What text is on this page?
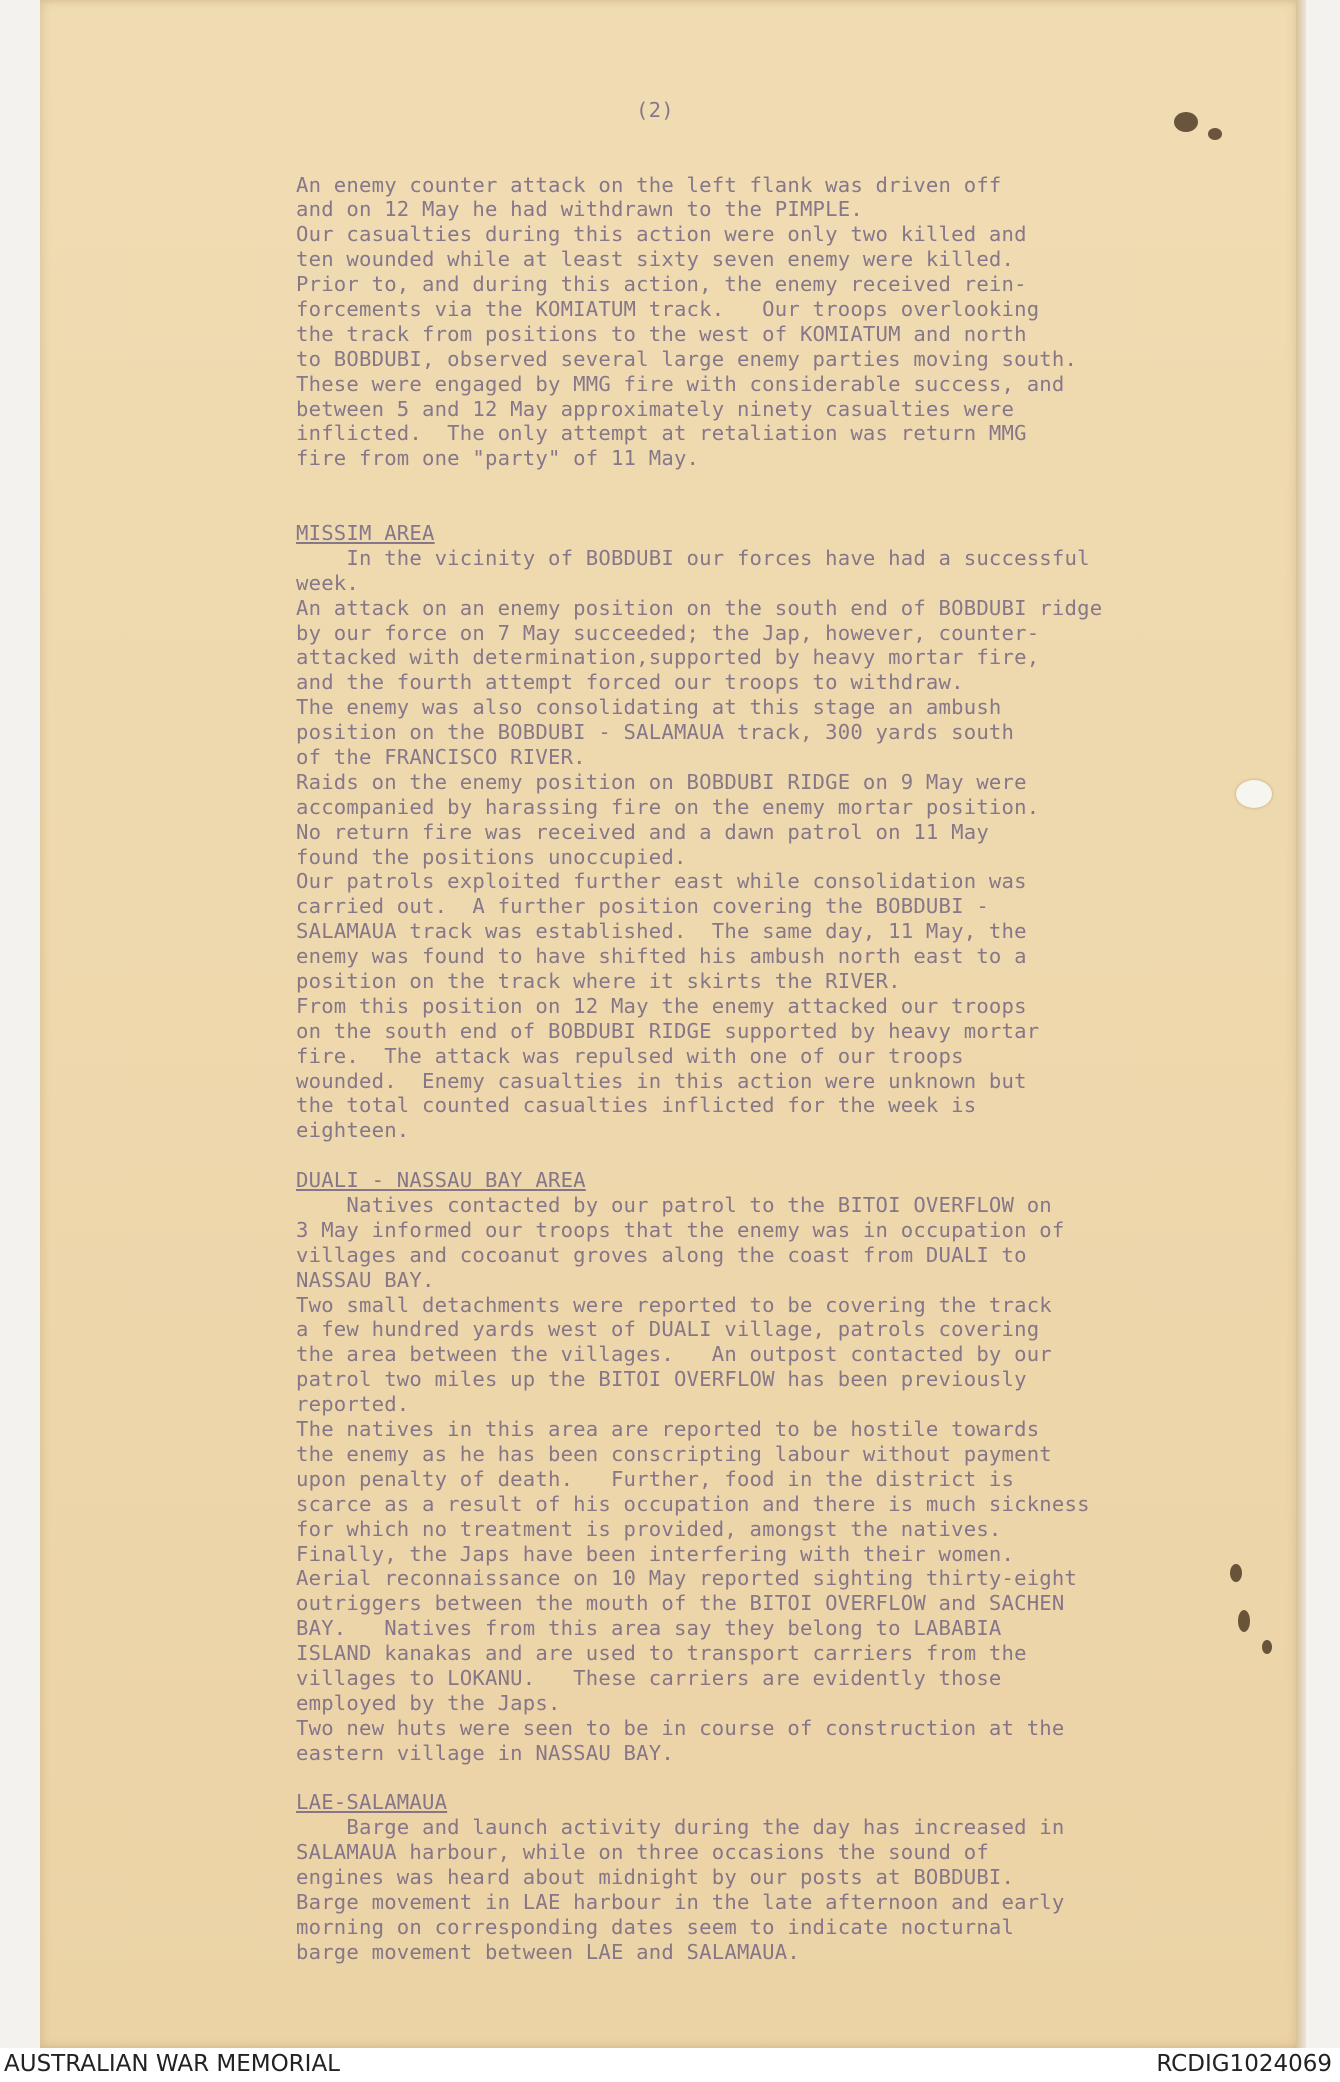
(2)

An enemy counter attack on the left flank was driven off
and on 12 May he had withdrawn to the PIMPLE.
Our casualties during this action were only two killed and
ten wounded while at least sixty seven enemy were killed.
Prior to, and during this action, the enemy received rein-
forcements via the KOMIATUM track.   Our troops overlooking
the track from positions to the west of KOMIATUM and north
to BOBDUBI, observed several large enemy parties moving south.
These were engaged by MMG fire with considerable success, and
between 5 and 12 May approximately ninety casualties were
inflicted.  The only attempt at retaliation was return MMG
fire from one "party" of 11 May.
MISSIM AREA
In the vicinity of BOBDUBI our forces have had a successful
week.
An attack on an enemy position on the south end of BOBDUBI ridge
by our force on 7 May succeeded; the Jap, however, counter-
attacked with determination,supported by heavy mortar fire,
and the fourth attempt forced our troops to withdraw.
The enemy was also consolidating at this stage an ambush
position on the BOBDUBI - SALAMAUA track, 300 yards south
of the FRANCISCO RIVER.
Raids on the enemy position on BOBDUBI RIDGE on 9 May were
accompanied by harassing fire on the enemy mortar position.
No return fire was received and a dawn patrol on 11 May
found the positions unoccupied.
Our patrols exploited further east while consolidation was
carried out.  A further position covering the BOBDUBI -
SALAMAUA track was established.  The same day, 11 May, the
enemy was found to have shifted his ambush north east to a
position on the track where it skirts the RIVER.
From this position on 12 May the enemy attacked our troops
on the south end of BOBDUBI RIDGE supported by heavy mortar
fire.  The attack was repulsed with one of our troops
wounded.  Enemy casualties in this action were unknown but
the total counted casualties inflicted for the week is
eighteen.
DUALI - NASSAU BAY AREA
Natives contacted by our patrol to the BITOI OVERFLOW on
3 May informed our troops that the enemy was in occupation of
villages and cocoanut groves along the coast from DUALI to
NASSAU BAY.
Two small detachments were reported to be covering the track
a few hundred yards west of DUALI village, patrols covering
the area between the villages.   An outpost contacted by our
patrol two miles up the BITOI OVERFLOW has been previously
reported.
The natives in this area are reported to be hostile towards
the enemy as he has been conscripting labour without payment
upon penalty of death.   Further, food in the district is
scarce as a result of his occupation and there is much sickness
for which no treatment is provided, amongst the natives.
Finally, the Japs have been interfering with their women.
Aerial reconnaissance on 10 May reported sighting thirty-eight
outriggers between the mouth of the BITOI OVERFLOW and SACHEN
BAY.   Natives from this area say they belong to LABABIA
ISLAND kanakas and are used to transport carriers from the
villages to LOKANU.   These carriers are evidently those
employed by the Japs.
Two new huts were seen to be in course of construction at the
eastern village in NASSAU BAY.
LAE-SALAMAUA
Barge and launch activity during the day has increased in
SALAMAUA harbour, while on three occasions the sound of
engines was heard about midnight by our posts at BOBDUBI.
Barge movement in LAE harbour in the late afternoon and early
morning on corresponding dates seem to indicate nocturnal
barge movement between LAE and SALAMAUA.

AUSTRALIAN WAR MEMORIAL	RCDIG1024069
